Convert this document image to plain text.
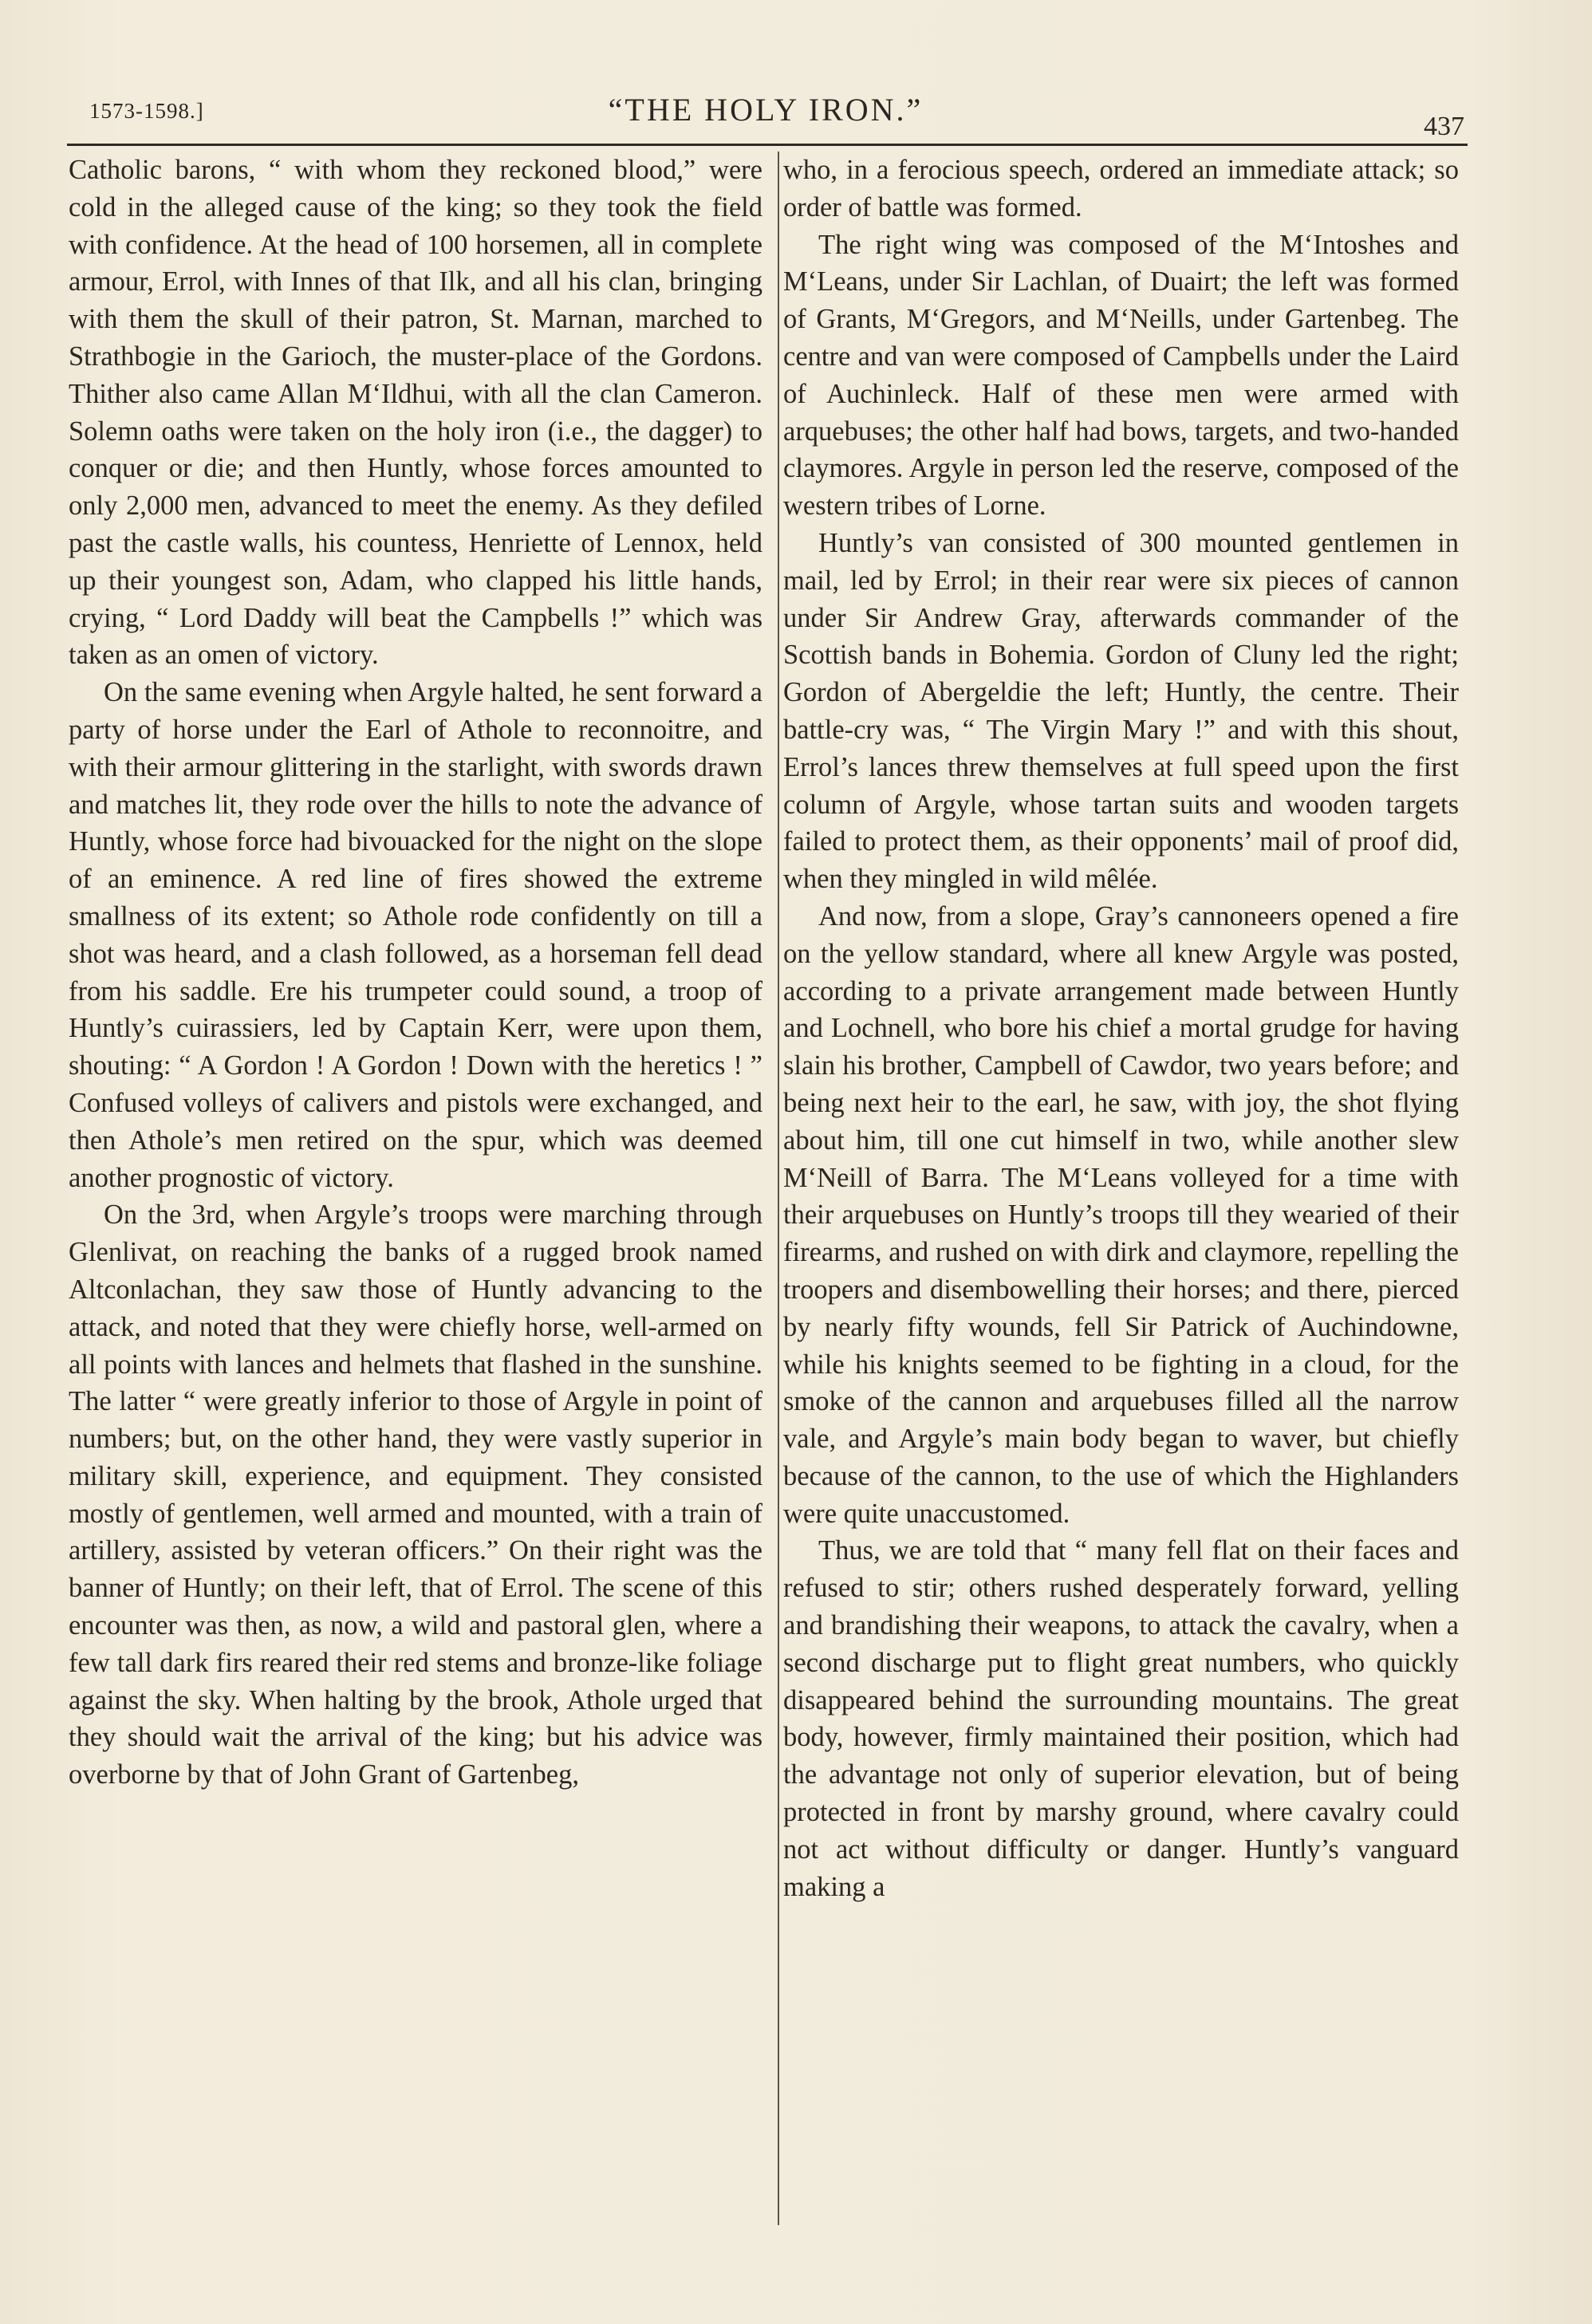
1573-1598.]	“THE HOLY IRON.”	437

Catholic barons, “ with whom they reckoned blood,” were cold in the alleged cause of the king; so they took the field with confidence. At the head of 100 horsemen, all in complete armour, Errol, with Innes of that Ilk, and all his clan, bringing with them the skull of their patron, St. Marnan, marched to Strathbogie in the Garioch, the muster-place of the Gordons. Thither also came Allan M‘Ildhui, with all the clan Cameron. Solemn oaths were taken on the holy iron (i.e., the dagger) to conquer or die; and then Huntly, whose forces amounted to only 2,000 men, advanced to meet the enemy. As they defiled past the castle walls, his countess, Henriette of Lennox, held up their youngest son, Adam, who clapped his little hands, crying, “ Lord Daddy will beat the Campbells !” which was taken as an omen of victory.

On the same evening when Argyle halted, he sent forward a party of horse under the Earl of Athole to reconnoitre, and with their armour glittering in the starlight, with swords drawn and matches lit, they rode over the hills to note the advance of Huntly, whose force had bivouacked for the night on the slope of an eminence. A red line of fires showed the extreme smallness of its extent; so Athole rode confidently on till a shot was heard, and a clash followed, as a horseman fell dead from his saddle. Ere his trumpeter could sound, a troop of Huntly’s cuirassiers, led by Captain Kerr, were upon them, shouting: “ A Gordon ! A Gordon ! Down with the heretics ! ” Confused volleys of calivers and pistols were exchanged, and then Athole’s men retired on the spur, which was deemed another prognostic of victory.

On the 3rd, when Argyle’s troops were marching through Glenlivat, on reaching the banks of a rugged brook named Altconlachan, they saw those of Huntly advancing to the attack, and noted that they were chiefly horse, well-armed on all points with lances and helmets that flashed in the sunshine. The latter “ were greatly inferior to those of Argyle in point of numbers; but, on the other hand, they were vastly superior in military skill, experience, and equipment. They consisted mostly of gentlemen, well armed and mounted, with a train of artillery, assisted by veteran officers.” On their right was the banner of Huntly; on their left, that of Errol. The scene of this encounter was then, as now, a wild and pastoral glen, where a few tall dark firs reared their red stems and bronze-like foliage against the sky. When halting by the brook, Athole urged that they should wait the arrival of the king; but his advice was overborne by that of John Grant of Gartenbeg,

who, in a ferocious speech, ordered an immediate attack; so order of battle was formed.

The right wing was composed of the M‘Intoshes and M‘Leans, under Sir Lachlan, of Duairt; the left was formed of Grants, M‘Gregors, and M‘Neills, under Gartenbeg. The centre and van were composed of Campbells under the Laird of Auchinleck. Half of these men were armed with arquebuses; the other half had bows, targets, and two-handed claymores. Argyle in person led the reserve, composed of the western tribes of Lorne.

Huntly’s van consisted of 300 mounted gentlemen in mail, led by Errol; in their rear were six pieces of cannon under Sir Andrew Gray, afterwards commander of the Scottish bands in Bohemia. Gordon of Cluny led the right; Gordon of Abergeldie the left; Huntly, the centre. Their battle-cry was, “ The Virgin Mary !” and with this shout, Errol’s lances threw themselves at full speed upon the first column of Argyle, whose tartan suits and wooden targets failed to protect them, as their opponents’ mail of proof did, when they mingled in wild mêlée.

And now, from a slope, Gray’s cannoneers opened a fire on the yellow standard, where all knew Argyle was posted, according to a private arrangement made between Huntly and Lochnell, who bore his chief a mortal grudge for having slain his brother, Campbell of Cawdor, two years before; and being next heir to the earl, he saw, with joy, the shot flying about him, till one cut himself in two, while another slew M‘Neill of Barra. The M‘Leans volleyed for a time with their arquebuses on Huntly’s troops till they wearied of their firearms, and rushed on with dirk and claymore, repelling the troopers and disembowelling their horses; and there, pierced by nearly fifty wounds, fell Sir Patrick of Auchindowne, while his knights seemed to be fighting in a cloud, for the smoke of the cannon and arquebuses filled all the narrow vale, and Argyle’s main body began to waver, but chiefly because of the cannon, to the use of which the Highlanders were quite unaccustomed.

Thus, we are told that “ many fell flat on their faces and refused to stir; others rushed desperately forward, yelling and brandishing their weapons, to attack the cavalry, when a second discharge put to flight great numbers, who quickly disappeared behind the surrounding mountains. The great body, however, firmly maintained their position, which had the advantage not only of superior elevation, but of being protected in front by marshy ground, where cavalry could not act without difficulty or danger. Huntly’s vanguard making a
